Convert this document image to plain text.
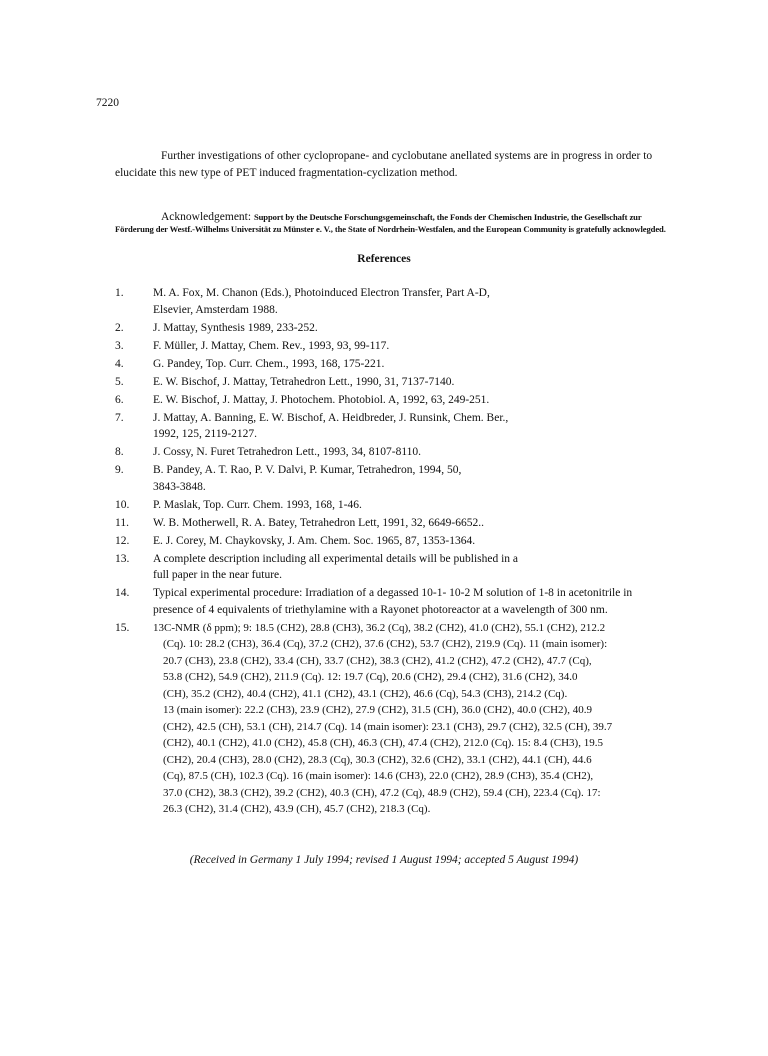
7220
Further investigations of other cyclopropane- and cyclobutane anellated systems are in progress in order to elucidate this new type of PET induced fragmentation-cyclization method.
Acknowledgement: Support by the Deutsche Forschungsgemeinschaft, the Fonds der Chemischen Industrie, the Gesellschaft zur Förderung der Westf.-Wilhelms Universität zu Münster e. V., the State of Nordrhein-Westfalen, and the European Community is gratefully acknowlegded.
References
1.	M. A. Fox, M. Chanon (Eds.), Photoinduced Electron Transfer, Part A-D,
Elsevier, Amsterdam 1988.
2.	J. Mattay, Synthesis 1989, 233-252.
3.	F. Müller, J. Mattay, Chem. Rev., 1993, 93, 99-117.
4.	G. Pandey, Top. Curr. Chem., 1993, 168, 175-221.
5.	E. W. Bischof, J. Mattay, Tetrahedron Lett., 1990, 31, 7137-7140.
6.	E. W. Bischof, J. Mattay, J. Photochem. Photobiol. A, 1992, 63, 249-251.
7.	J. Mattay, A. Banning, E. W. Bischof, A. Heidbreder, J. Runsink, Chem. Ber.,
1992, 125, 2119-2127.
8.	J. Cossy, N. Furet Tetrahedron Lett., 1993, 34, 8107-8110.
9.	B. Pandey, A. T. Rao, P. V. Dalvi, P. Kumar, Tetrahedron, 1994, 50,
3843-3848.
10. P. Maslak, Top. Curr. Chem. 1993, 168, 1-46.
11. W. B. Motherwell, R. A. Batey, Tetrahedron Lett, 1991, 32, 6649-6652..
12. E. J. Corey, M. Chaykovsky, J. Am. Chem. Soc. 1965, 87, 1353-1364.
13. A complete description including all experimental details will be published in a
full paper in the near future.
14. Typical experimental procedure: Irradiation of a degassed 10-1- 10-2 M solution of 1-8 in acetonitrile in
presence of 4 equivalents of triethylamine with a Rayonet photoreactor at a wavelength of 300 nm.
15. 13C-NMR (δ ppm); 9: 18.5 (CH2), 28.8 (CH3), 36.2 (Cq), 38.2 (CH2), 41.0 (CH2), 55.1 (CH2), 212.2
(Cq). 10: 28.2 (CH3), 36.4 (Cq), 37.2 (CH2), 37.6 (CH2), 53.7 (CH2), 219.9 (Cq). 11 (main isomer):
20.7 (CH3), 23.8 (CH2), 33.4 (CH), 33.7 (CH2), 38.3 (CH2), 41.2 (CH2), 47.2 (CH2), 47.7 (Cq),
53.8 (CH2), 54.9 (CH2), 211.9 (Cq). 12: 19.7 (Cq), 20.6 (CH2), 29.4 (CH2), 31.6 (CH2), 34.0
(CH), 35.2 (CH2), 40.4 (CH2), 41.1 (CH2), 43.1 (CH2), 46.6 (Cq), 54.3 (CH3), 214.2 (Cq).
13 (main isomer): 22.2 (CH3), 23.9 (CH2), 27.9 (CH2), 31.5 (CH), 36.0 (CH2), 40.0 (CH2), 40.9
(CH2), 42.5 (CH), 53.1 (CH), 214.7 (Cq). 14 (main isomer): 23.1 (CH3), 29.7 (CH2), 32.5 (CH), 39.7
(CH2), 40.1 (CH2), 41.0 (CH2), 45.8 (CH), 46.3 (CH), 47.4 (CH2), 212.0 (Cq). 15: 8.4 (CH3), 19.5
(CH2), 20.4 (CH3), 28.0 (CH2), 28.3 (Cq), 30.3 (CH2), 32.6 (CH2), 33.1 (CH2), 44.1 (CH), 44.6
(Cq), 87.5 (CH), 102.3 (Cq). 16 (main isomer): 14.6 (CH3), 22.0 (CH2), 28.9 (CH3), 35.4 (CH2),
37.0 (CH2), 38.3 (CH2), 39.2 (CH2), 40.3 (CH), 47.2 (Cq), 48.9 (CH2), 59.4 (CH), 223.4 (Cq). 17:
26.3 (CH2), 31.4 (CH2), 43.9 (CH), 45.7 (CH2), 218.3 (Cq).
(Received in Germany 1 July 1994; revised 1 August 1994; accepted 5 August 1994)
